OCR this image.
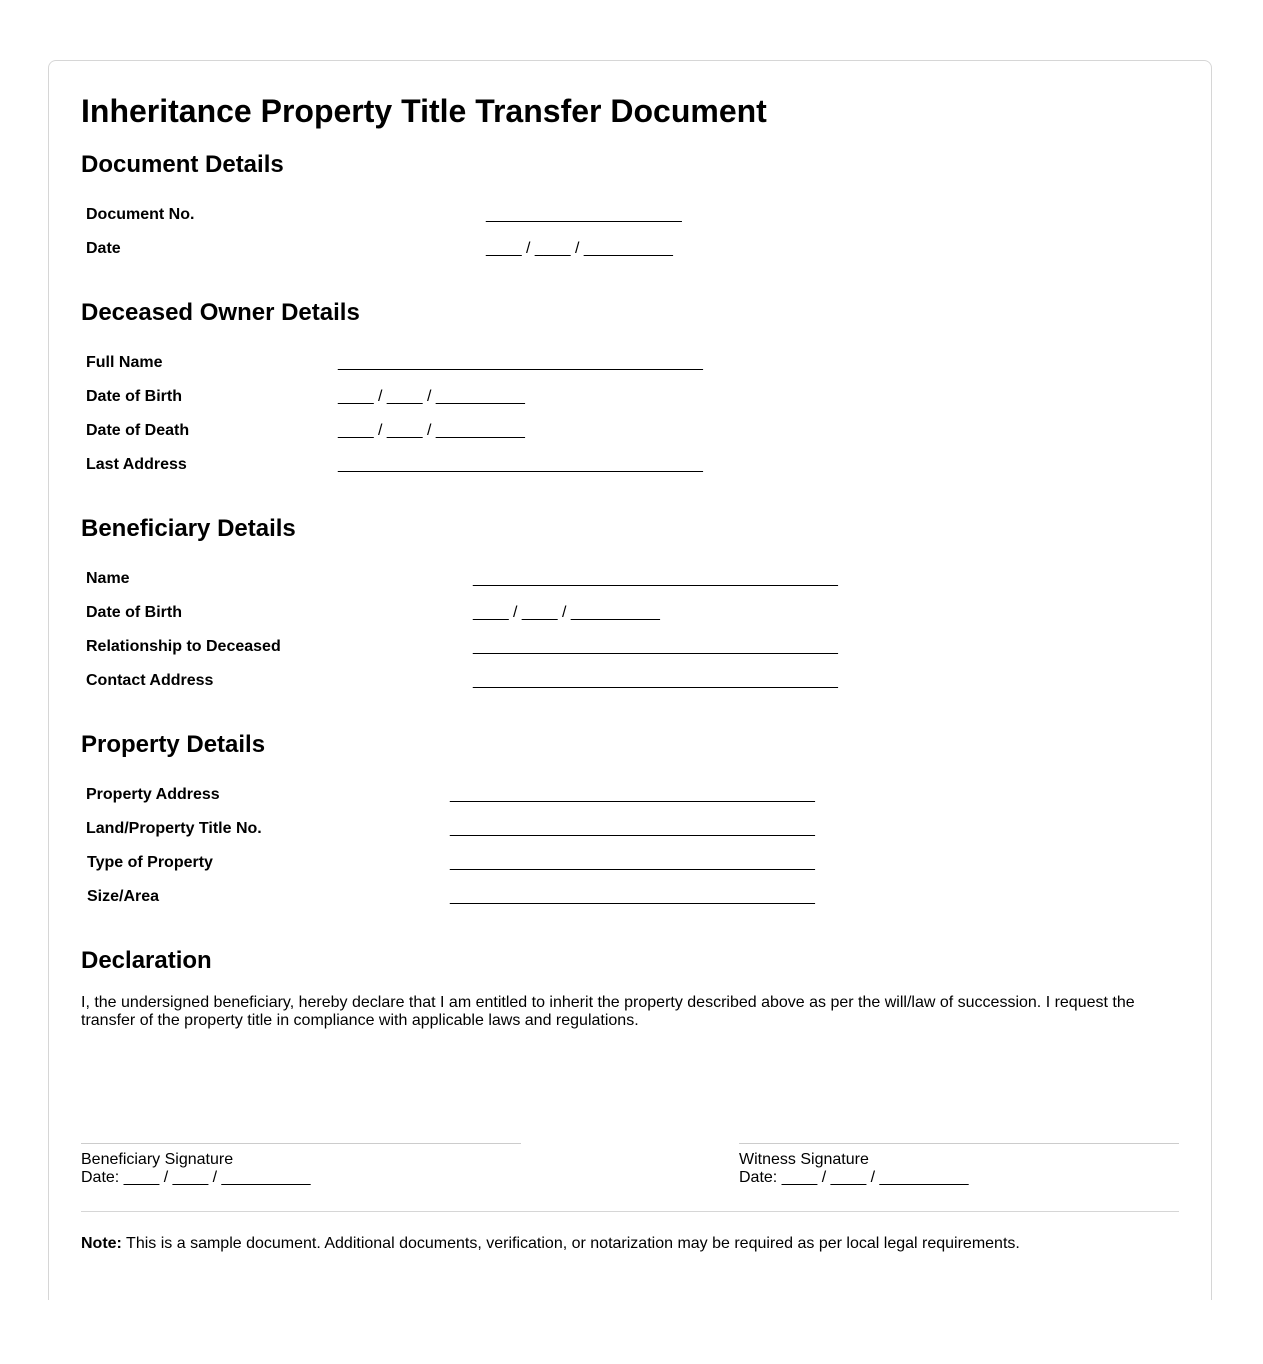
Inheritance Property Title Transfer Document
Document Details
Document No.	______________________
Date	____ / ____ / __________
Deceased Owner Details
Full Name	_________________________________________
Date of Birth	____ / ____ / __________
Date of Death	____ / ____ / __________
Last Address	_________________________________________
Beneficiary Details
Name	_________________________________________
Date of Birth	____ / ____ / __________
Relationship to Deceased	_________________________________________
Contact Address	_________________________________________
Property Details
Property Address	_________________________________________
Land/Property Title No.	_________________________________________
Type of Property	_________________________________________
Size/Area	_________________________________________
Declaration

I, the undersigned beneficiary, hereby declare that I am entitled to inherit the property described above as per the will/law of succession. I request the transfer of the property title in compliance with applicable laws and regulations.

Beneficiary Signature
Date: ____ / ____ / __________
Witness Signature
Date: ____ / ____ / __________
Note: This is a sample document. Additional documents, verification, or notarization may be required as per local legal requirements.
